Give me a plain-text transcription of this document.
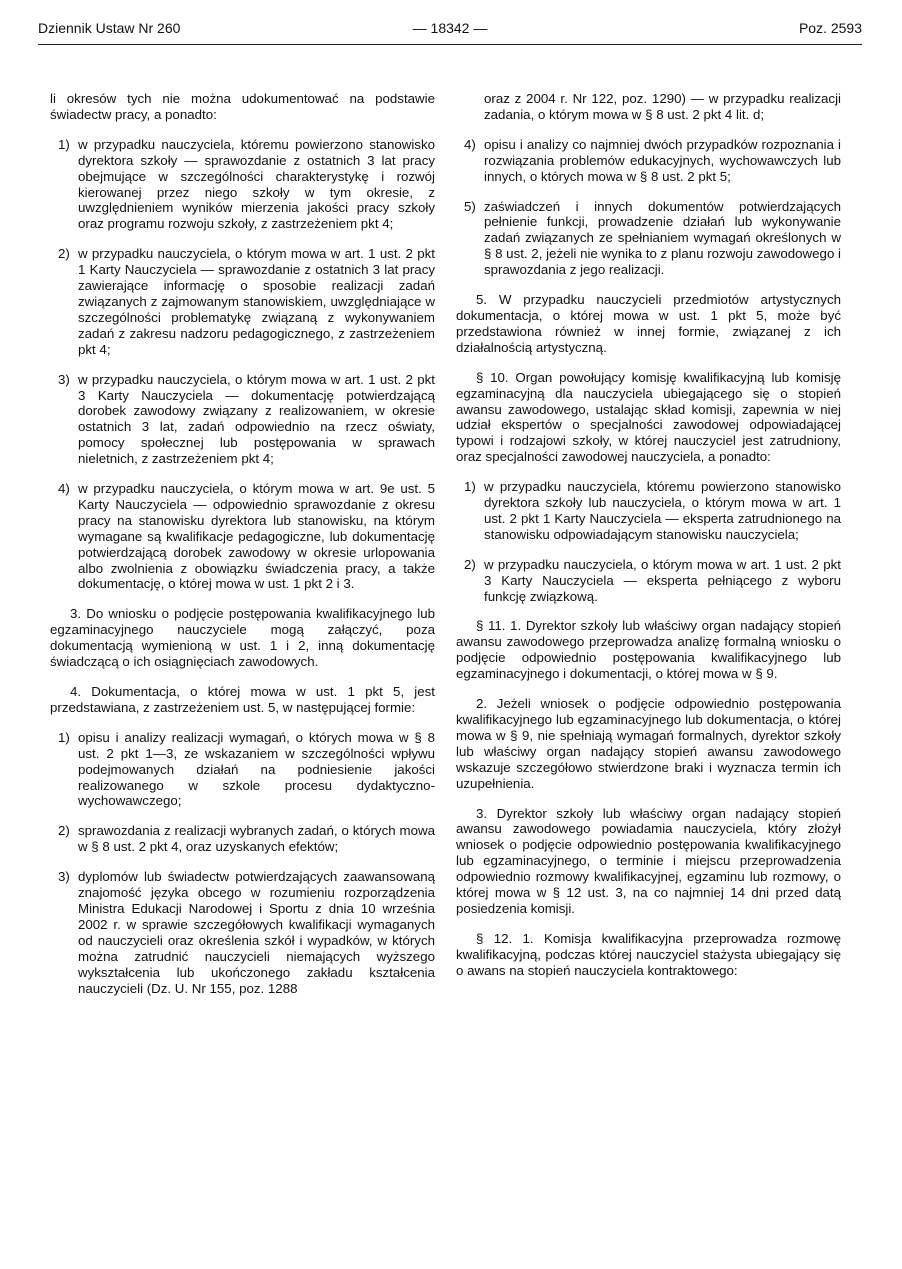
Dziennik Ustaw Nr 260	— 18342 —	Poz. 2593

li okresów tych nie można udokumentować na podstawie świadectw pracy, a ponadto:

1) w przypadku nauczyciela, któremu powierzono stanowisko dyrektora szkoły — sprawozdanie z ostatnich 3 lat pracy obejmujące w szczególności charakterystykę i rozwój kierowanej przez niego szkoły w tym okresie, z uwzględnieniem wyników mierzenia jakości pracy szkoły oraz programu rozwoju szkoły, z zastrzeżeniem pkt 4;
2) w przypadku nauczyciela, o którym mowa w art. 1 ust. 2 pkt 1 Karty Nauczyciela — sprawozdanie z ostatnich 3 lat pracy zawierające informację o sposobie realizacji zadań związanych z zajmowanym stanowiskiem, uwzględniające w szczególności problematykę związaną z wykonywaniem zadań z zakresu nadzoru pedagogicznego, z zastrzeżeniem pkt 4;
3) w przypadku nauczyciela, o którym mowa w art. 1 ust. 2 pkt 3 Karty Nauczyciela — dokumentację potwierdzającą dorobek zawodowy związany z realizowaniem, w okresie ostatnich 3 lat, zadań odpowiednio na rzecz oświaty, pomocy społecznej lub postępowania w sprawach nieletnich, z zastrzeżeniem pkt 4;
4) w przypadku nauczyciela, o którym mowa w art. 9e ust. 5 Karty Nauczyciela — odpowiednio sprawozdanie z okresu pracy na stanowisku dyrektora lub stanowisku, na którym wymagane są kwalifikacje pedagogiczne, lub dokumentację potwierdzającą dorobek zawodowy w okresie urlopowania albo zwolnienia z obowiązku świadczenia pracy, a także dokumentację, o której mowa w ust. 1 pkt 2 i 3.

3. Do wniosku o podjęcie postępowania kwalifikacyjnego lub egzaminacyjnego nauczyciele mogą załączyć, poza dokumentacją wymienioną w ust. 1 i 2, inną dokumentację świadczącą o ich osiągnięciach zawodowych.

4. Dokumentacja, o której mowa w ust. 1 pkt 5, jest przedstawiana, z zastrzeżeniem ust. 5, w następującej formie:

1) opisu i analizy realizacji wymagań, o których mowa w § 8 ust. 2 pkt 1—3, ze wskazaniem w szczególności wpływu podejmowanych działań na podniesienie jakości realizowanego w szkole procesu dydaktyczno-wychowawczego;
2) sprawozdania z realizacji wybranych zadań, o których mowa w § 8 ust. 2 pkt 4, oraz uzyskanych efektów;
3) dyplomów lub świadectw potwierdzających zaawansowaną znajomość języka obcego w rozumieniu rozporządzenia Ministra Edukacji Narodowej i Sportu z dnia 10 września 2002 r. w sprawie szczegółowych kwalifikacji wymaganych od nauczycieli oraz określenia szkół i wypadków, w których można zatrudnić nauczycieli niemających wyższego wykształcenia lub ukończonego zakładu kształcenia nauczycieli (Dz. U. Nr 155, poz. 1288

oraz z 2004 r. Nr 122, poz. 1290) — w przypadku realizacji zadania, o którym mowa w § 8 ust. 2 pkt 4 lit. d;

4) opisu i analizy co najmniej dwóch przypadków rozpoznania i rozwiązania problemów edukacyjnych, wychowawczych lub innych, o których mowa w § 8 ust. 2 pkt 5;
5) zaświadczeń i innych dokumentów potwierdzających pełnienie funkcji, prowadzenie działań lub wykonywanie zadań związanych ze spełnianiem wymagań określonych w § 8 ust. 2, jeżeli nie wynika to z planu rozwoju zawodowego i sprawozdania z jego realizacji.

5. W przypadku nauczycieli przedmiotów artystycznych dokumentacja, o której mowa w ust. 1 pkt 5, może być przedstawiona również w innej formie, związanej z ich działalnością artystyczną.

§ 10. Organ powołujący komisję kwalifikacyjną lub komisję egzaminacyjną dla nauczyciela ubiegającego się o stopień awansu zawodowego, ustalając skład komisji, zapewnia w niej udział ekspertów o specjalności zawodowej odpowiadającej typowi i rodzajowi szkoły, w której nauczyciel jest zatrudniony, oraz specjalności zawodowej nauczyciela, a ponadto:

1) w przypadku nauczyciela, któremu powierzono stanowisko dyrektora szkoły lub nauczyciela, o którym mowa w art. 1 ust. 2 pkt 1 Karty Nauczyciela — eksperta zatrudnionego na stanowisku odpowiadającym stanowisku nauczyciela;
2) w przypadku nauczyciela, o którym mowa w art. 1 ust. 2 pkt 3 Karty Nauczyciela — eksperta pełniącego z wyboru funkcję związkową.

§ 11. 1. Dyrektor szkoły lub właściwy organ nadający stopień awansu zawodowego przeprowadza analizę formalną wniosku o podjęcie odpowiednio postępowania kwalifikacyjnego lub egzaminacyjnego i dokumentacji, o której mowa w § 9.

2. Jeżeli wniosek o podjęcie odpowiednio postępowania kwalifikacyjnego lub egzaminacyjnego lub dokumentacja, o której mowa w § 9, nie spełniają wymagań formalnych, dyrektor szkoły lub właściwy organ nadający stopień awansu zawodowego wskazuje szczegółowo stwierdzone braki i wyznacza termin ich uzupełnienia.

3. Dyrektor szkoły lub właściwy organ nadający stopień awansu zawodowego powiadamia nauczyciela, który złożył wniosek o podjęcie odpowiednio postępowania kwalifikacyjnego lub egzaminacyjnego, o terminie i miejscu przeprowadzenia odpowiednio rozmowy kwalifikacyjnej, egzaminu lub rozmowy, o której mowa w § 12 ust. 3, na co najmniej 14 dni przed datą posiedzenia komisji.

§ 12. 1. Komisja kwalifikacyjna przeprowadza rozmowę kwalifikacyjną, podczas której nauczyciel stażysta ubiegający się o awans na stopień nauczyciela kontraktowego:
